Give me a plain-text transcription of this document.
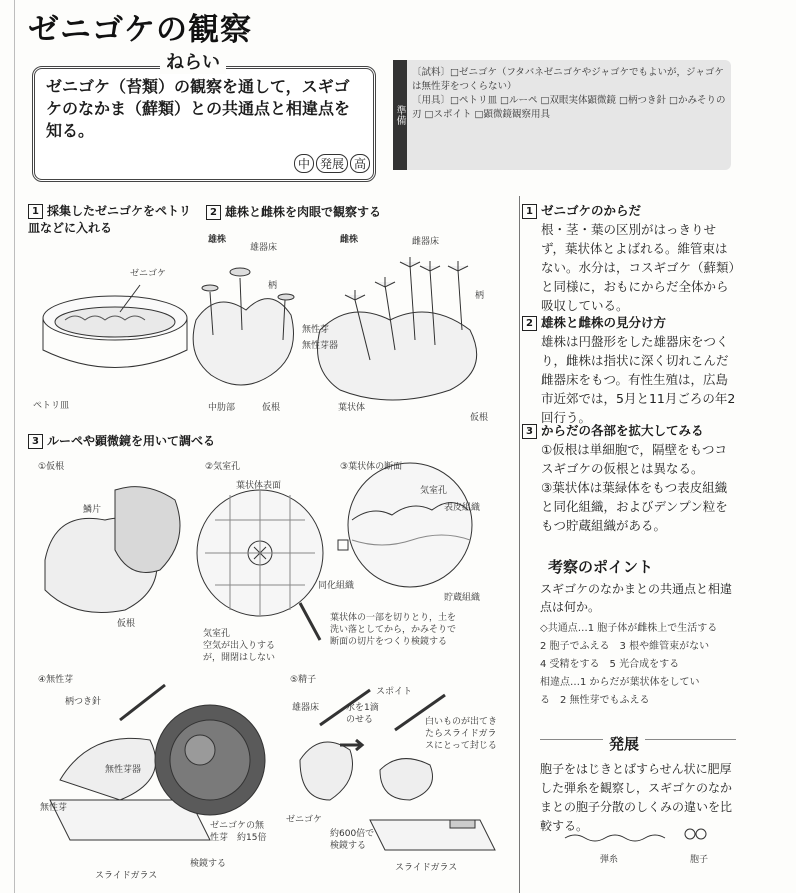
ゼニゴケの観察
ねらい
ゼニゴケ（苔類）の観察を通して，スギゴケのなかま（蘚類）との共通点と相違点を知る。
中 発展 高
準備
〔試料〕□ゼニゴケ（フタバネゼニゴケやジャゴケでもよいが，ジャゴケは無性芽をつくらない）
〔用具〕□ペトリ皿 □ルーペ □双眼実体顕微鏡 □柄つき針 □かみそりの刃 □スポイト □顕微鏡観察用具
1 採集したゼニゴケをペトリ皿などに入れる
2 雄株と雌株を肉眼で観察する
3 ルーペや顕微鏡を用いて調べる
ゼニゴケ
ペトリ皿
雄株	雌株
雄器床
雌器床
柄
柄
無性芽
無性芽器
中肋部	仮根	葉状体
仮根
①仮根	②気室孔	③葉状体の断面
鱗片
仮根
葉状体表面
気室孔
空気が出入りする
が，開閉はしない
同化組織
表皮組織
貯蔵組織
気室孔
葉状体の一部を切りとり，土を
洗い落としてから，かみそりで
断面の切片をつくり検鏡する
④無性芽	⑤精子
柄つき針
無性芽
無性芽器
ゼニゴケの無
性芽　約15倍
スライドガラス
検鏡する
スポイト
雄器床	水を1滴
のせる	白いものが出てき
たらスライドガラ
スにとって封じる
ゼニゴケ
約600倍で
検鏡する
スライドガラス
1 ゼニゴケのからだ
根・茎・葉の区別がはっきりせず，葉状体とよばれる。維管束はない。水分は，コスギゴケ（蘚類）と同様に，おもにからだ全体から吸収している。
2 雄株と雌株の見分け方
雄株は円盤形をした雄器床をつくり，雌株は指状に深く切れこんだ雌器床をもつ。有性生殖は，広島市近郊では，5月と11月ごろの年2回行う。
3 からだの各部を拡大してみる
①仮根は単細胞で，隔壁をもつコスギゴケの仮根とは異なる。
③葉状体は葉緑体をもつ表皮組織と同化組織，およびデンプン粒をもつ貯蔵組織がある。
考察のポイント
スギゴケのなかまとの共通点と相違点は何か。
◇共通点…1 胞子体が雌株上で生活する
2 胞子でふえる　3 根や維管束がない
4 受精をする　5 光合成をする
相違点…1 からだが葉状体をしてい
る　2 無性芽でもふえる
発展
胞子をはじきとばすらせん状に肥厚した弾糸を観察し，スギゴケのなかまとの胞子分散のしくみの違いを比較する。
弾糸	胞子
